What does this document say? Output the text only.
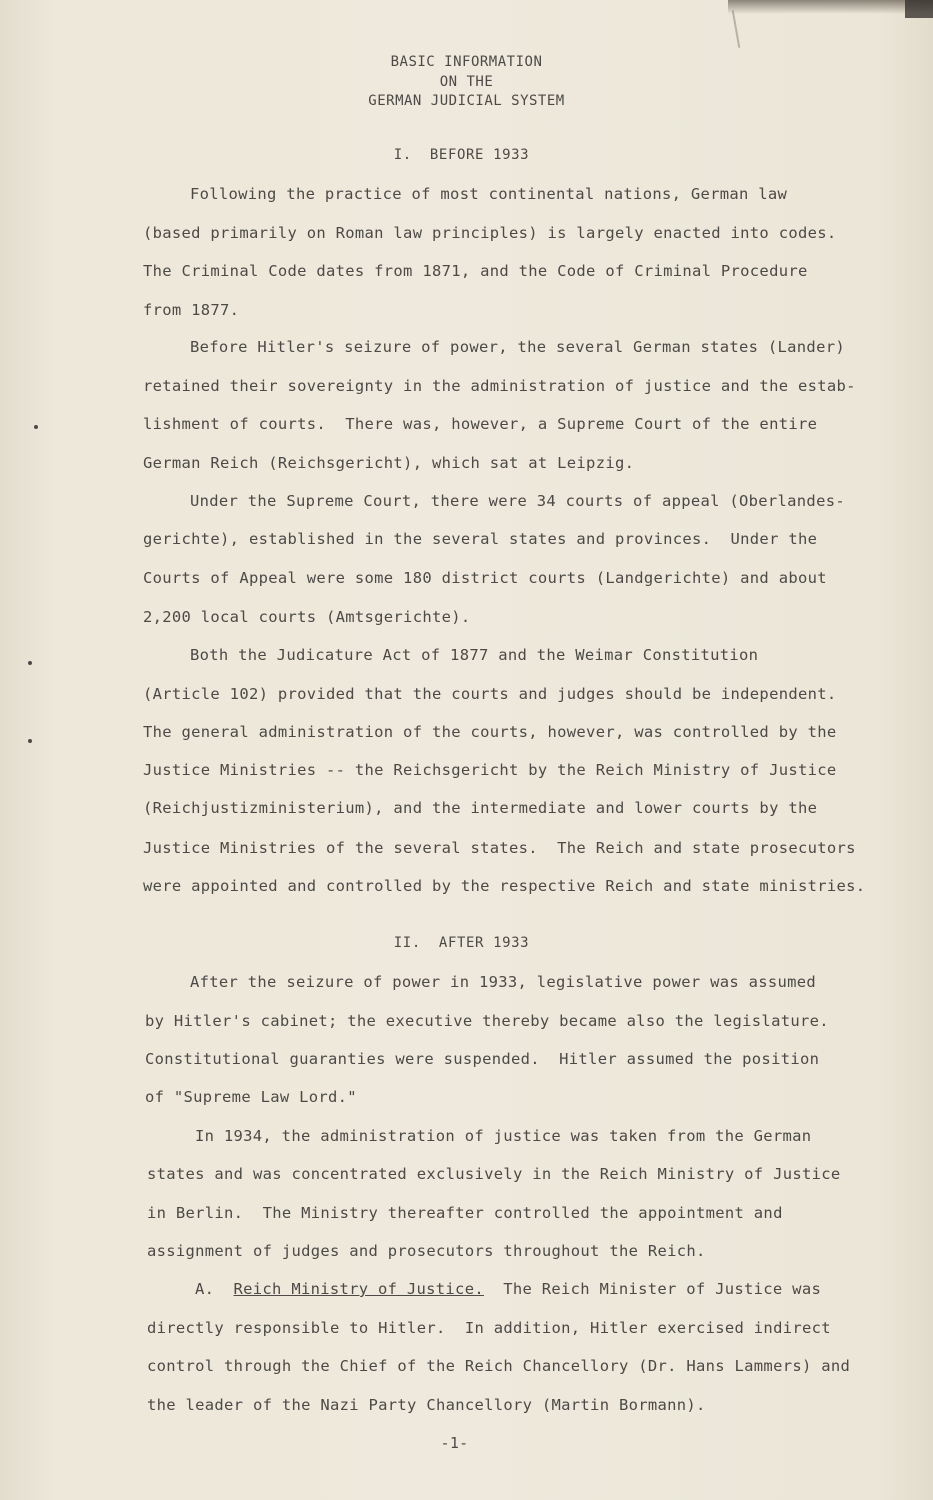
BASIC INFORMATION
ON THE
GERMAN JUDICIAL SYSTEM
I.  BEFORE 1933
Following the practice of most continental nations, German law
(based primarily on Roman law principles) is largely enacted into codes.
The Criminal Code dates from 1871, and the Code of Criminal Procedure
from 1877.
Before Hitler's seizure of power, the several German states (Lander)
retained their sovereignty in the administration of justice and the estab-
lishment of courts.  There was, however, a Supreme Court of the entire
German Reich (Reichsgericht), which sat at Leipzig.
Under the Supreme Court, there were 34 courts of appeal (Oberlandes-
gerichte), established in the several states and provinces.  Under the
Courts of Appeal were some 180 district courts (Landgerichte) and about
2,200 local courts (Amtsgerichte).
Both the Judicature Act of 1877 and the Weimar Constitution
(Article 102) provided that the courts and judges should be independent.
The general administration of the courts, however, was controlled by the
Justice Ministries -- the Reichsgericht by the Reich Ministry of Justice
(Reichjustizministerium), and the intermediate and lower courts by the
Justice Ministries of the several states.  The Reich and state prosecutors
were appointed and controlled by the respective Reich and state ministries.
II.  AFTER 1933
After the seizure of power in 1933, legislative power was assumed
by Hitler's cabinet; the executive thereby became also the legislature.
Constitutional guaranties were suspended.  Hitler assumed the position
of "Supreme Law Lord."
In 1934, the administration of justice was taken from the German
states and was concentrated exclusively in the Reich Ministry of Justice
in Berlin.  The Ministry thereafter controlled the appointment and
assignment of judges and prosecutors throughout the Reich.
A. Reich Ministry of Justice.  The Reich Minister of Justice was
directly responsible to Hitler.  In addition, Hitler exercised indirect
control through the Chief of the Reich Chancellory (Dr. Hans Lammers) and
the leader of the Nazi Party Chancellory (Martin Bormann).
-1-
